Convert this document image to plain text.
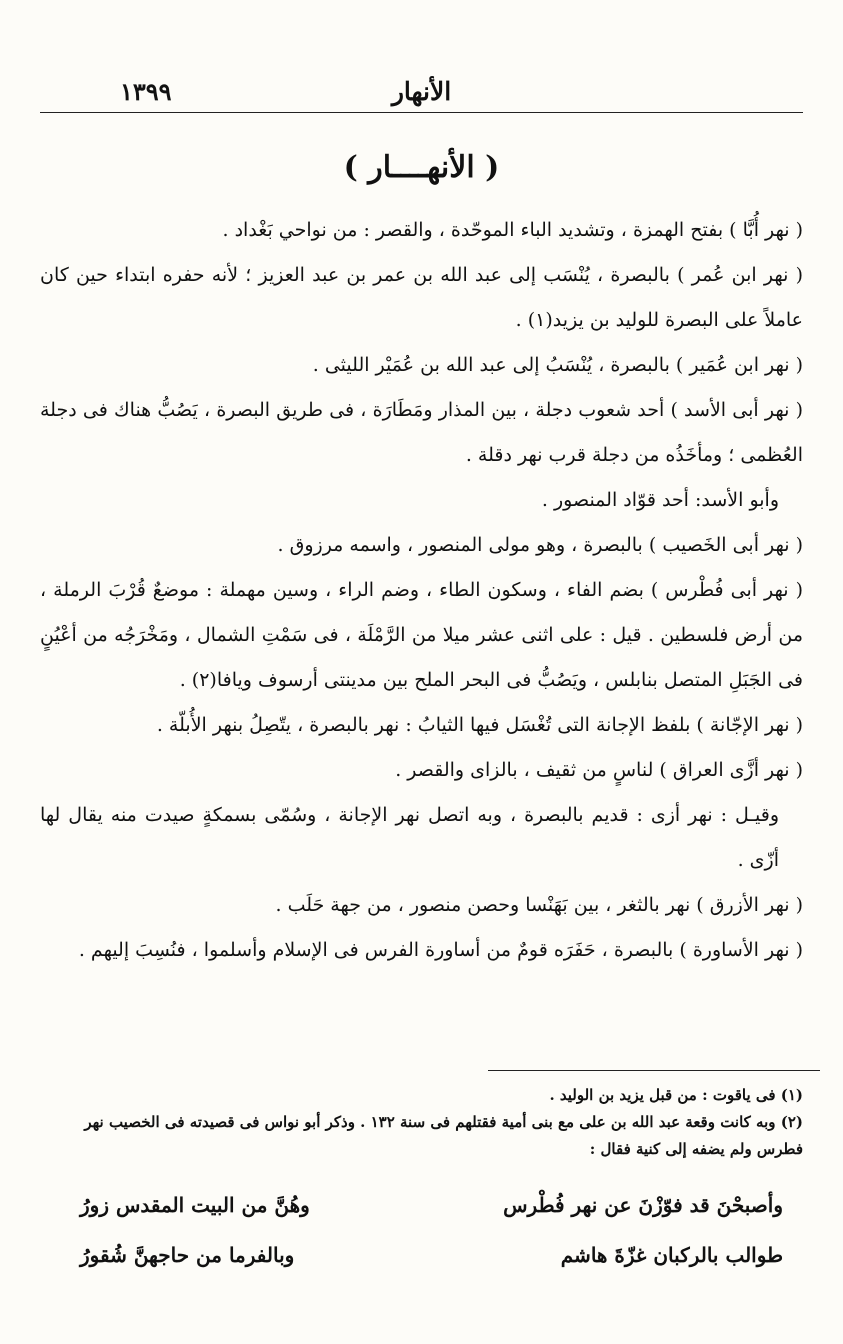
الأنهار
١٣٩٩
( الأنهــــار )

( نهر أُبَّا ) بفتح الهمزة ، وتشديد الباء الموحّدة ، والقصر : من نواحي بَغْداد .

( نهر ابن عُمر ) بالبصرة ، يُنْسَب إلى عبد الله بن عمر بن عبد العزيز ؛ لأنه حفره ابتداء حين كان عاملاً على البصرة للوليد بن يزيد(١) .

( نهر ابن عُمَير ) بالبصرة ، يُنْسَبُ إلى عبد الله بن عُمَيْر الليثى .

( نهر أبى الأسد ) أحد شعوب دجلة ، بين المذار ومَطَارَة ، فى طريق البصرة ، يَصُبُّ هناك فى دجلة العُظمى ؛ ومأخَذُه من دجلة قرب نهر دقلة .

وأبو الأسد: أحد قوّاد المنصور .

( نهر أبى الخَصيب ) بالبصرة ، وهو مولى المنصور ، واسمه مرزوق .

( نهر أبى فُطْرس ) بضم الفاء ، وسكون الطاء ، وضم الراء ، وسين مهملة : موضعٌ قُرْبَ الرملة ، من أرض فلسطين . قيل : على اثنى عشر ميلا من الرَّمْلَة ، فى سَمْتِ الشمال ، ومَخْرَجُه من أعْيُنٍ فى الجَبَلِ المتصل بنابلس ، ويَصُبُّ فى البحر الملح بين مدينتى أرسوف ويافا(٢) .

( نهر الإجّانة ) بلفظ الإجانة التى تُغْسَل فيها الثيابُ : نهر بالبصرة ، يتّصِلُ بنهر الأُبلّة .

( نهر أزَّى العراق ) لناسٍ من ثقيف ، بالزاى والقصر .

وقيـل : نهر أزى : قديم بالبصرة ، وبه اتصل نهر الإجانة ، وسُمّى بسمكةٍ صيدت منه يقال لها أزّى .

( نهر الأزرق ) نهر بالثغر ، بين بَهَنْسا وحصن منصور ، من جهة حَلَب .

( نهر الأساورة ) بالبصرة ، حَفَرَه قومٌ من أساورة الفرس فى الإسلام وأسلموا ، فنُسِبَ إليهم .

(١) فى ياقوت : من قبل يزيد بن الوليد .

(٢) وبه كانت وقعة عبد الله بن على مع بنى أمية فقتلهم فى سنة ١٣٢ . وذكر أبو نواس فى قصيدته فى الخصيب نهر فطرس ولم يضفه إلى كنية فقال :

وأصبحْنَ قد فوّزْنَ عن نهر فُطْرس
وهُنَّ من البيت المقدس زورُ
طوالب بالركبان غزّةَ هاشم
وبالفرما من حاجهنَّ شُقورُ
